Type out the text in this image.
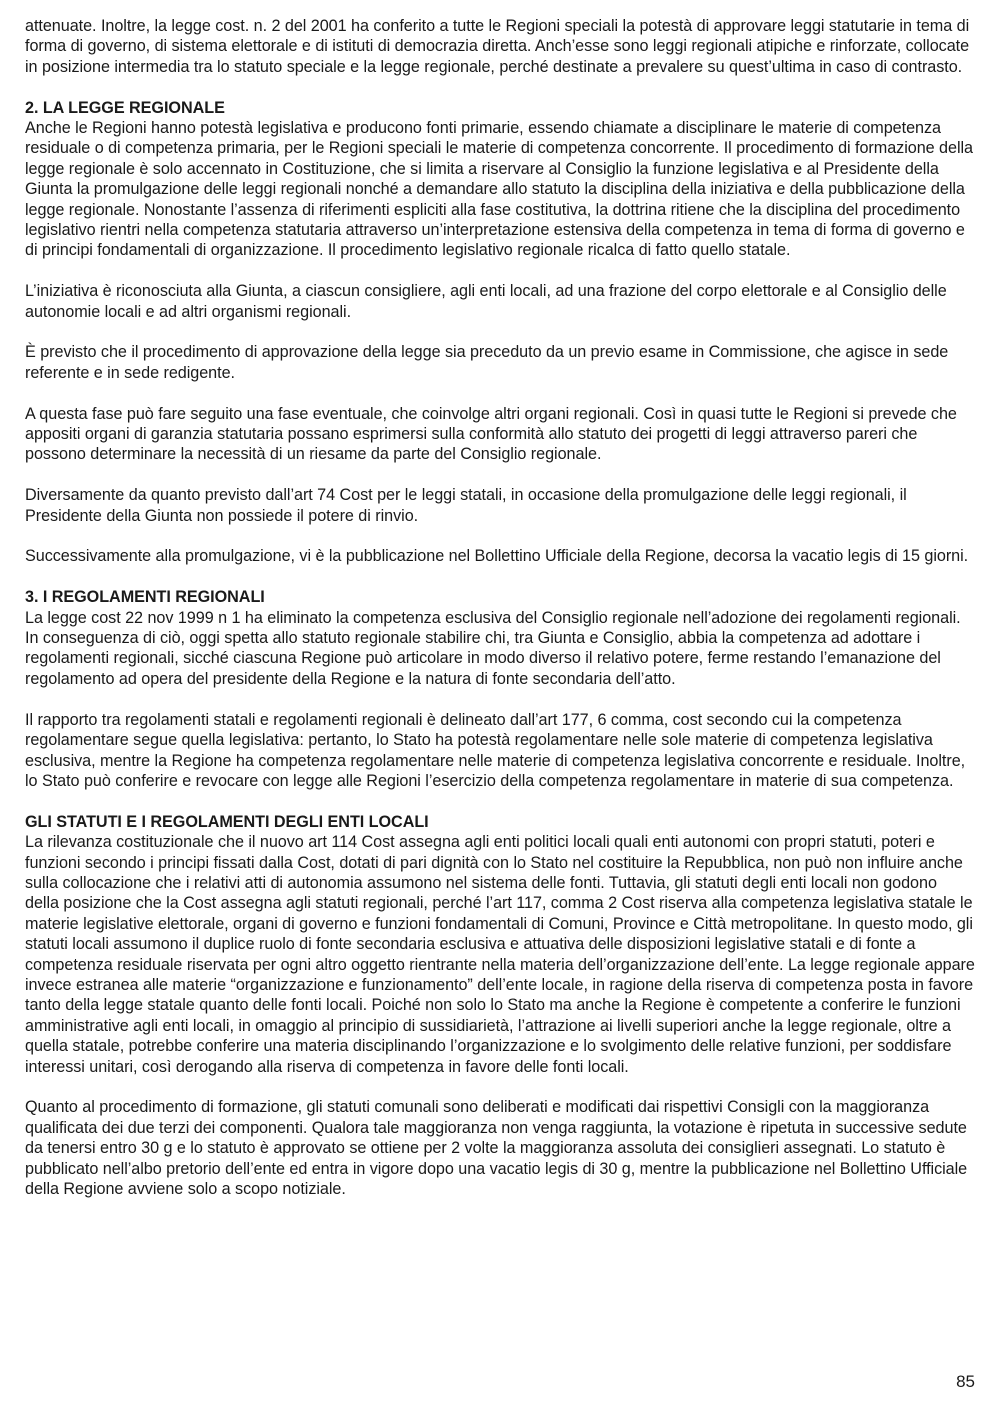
attenuate. Inoltre, la legge cost. n. 2 del 2001 ha conferito a tutte le Regioni speciali la potestà di approvare leggi statutarie in tema di forma di governo, di sistema elettorale e di istituti di democrazia diretta. Anch’esse sono leggi regionali atipiche e rinforzate, collocate in posizione intermedia tra lo statuto speciale e la legge regionale, perché destinate a prevalere su quest’ultima in caso di contrasto.

2. LA LEGGE REGIONALE

Anche le Regioni hanno potestà legislativa e producono fonti primarie, essendo chiamate a disciplinare le materie di competenza residuale o di competenza primaria, per le Regioni speciali le materie di competenza concorrente. Il procedimento di formazione della legge regionale è solo accennato in Costituzione, che si limita a riservare al Consiglio la funzione legislativa e al Presidente della Giunta la promulgazione delle leggi regionali nonché a demandare allo statuto la disciplina della iniziativa e della pubblicazione della legge regionale. Nonostante l’assenza di riferimenti espliciti alla fase costitutiva, la dottrina ritiene che la disciplina del procedimento legislativo rientri nella competenza statutaria attraverso un’interpretazione estensiva della competenza in tema di forma di governo e di principi fondamentali di organizzazione. Il procedimento legislativo regionale ricalca di fatto quello statale.

L’iniziativa è riconosciuta alla Giunta, a ciascun consigliere, agli enti locali, ad una frazione del corpo elettorale e al Consiglio delle autonomie locali e ad altri organismi regionali.

È previsto che il procedimento di approvazione della legge sia preceduto da un previo esame in Commissione, che agisce in sede referente e in sede redigente.

A questa fase può fare seguito una fase eventuale, che coinvolge altri organi regionali. Così in quasi tutte le Regioni si prevede che appositi organi di garanzia statutaria possano esprimersi sulla conformità allo statuto dei progetti di leggi attraverso pareri che possono determinare la necessità di un riesame da parte del Consiglio regionale.

Diversamente da quanto previsto dall’art 74 Cost per le leggi statali, in occasione della promulgazione delle leggi regionali, il Presidente della Giunta non possiede il potere di rinvio.

Successivamente alla promulgazione, vi è la pubblicazione nel Bollettino Ufficiale della Regione, decorsa la vacatio legis di 15 giorni.

3. I REGOLAMENTI REGIONALI

La legge cost 22 nov 1999 n 1 ha eliminato la competenza esclusiva del Consiglio regionale nell’adozione dei regolamenti regionali. In conseguenza di ciò, oggi spetta allo statuto regionale stabilire chi, tra Giunta e Consiglio, abbia la competenza ad adottare i regolamenti regionali, sicché ciascuna Regione può articolare in modo diverso il relativo potere, ferme restando l’emanazione del regolamento ad opera del presidente della Regione e la natura di fonte secondaria dell’atto.

Il rapporto tra regolamenti statali e regolamenti regionali è delineato dall’art 177, 6 comma, cost secondo cui la competenza regolamentare segue quella legislativa: pertanto, lo Stato ha potestà regolamentare nelle sole materie di competenza legislativa esclusiva, mentre la Regione ha competenza regolamentare nelle materie di competenza legislativa concorrente e residuale. Inoltre, lo Stato può conferire e revocare con legge alle Regioni l’esercizio della competenza regolamentare in materie di sua competenza.

GLI STATUTI E I REGOLAMENTI DEGLI ENTI LOCALI

La rilevanza costituzionale che il nuovo art 114 Cost assegna agli enti politici locali quali enti autonomi con propri statuti, poteri e funzioni secondo i principi fissati dalla Cost, dotati di pari dignità con lo Stato nel costituire la Repubblica, non può non influire anche sulla collocazione che i relativi atti di autonomia assumono nel sistema delle fonti. Tuttavia, gli statuti degli enti locali non godono della posizione che la Cost assegna agli statuti regionali, perché l’art 117, comma 2 Cost riserva alla competenza legislativa statale le materie legislative elettorale, organi di governo e funzioni fondamentali di Comuni, Province e Città metropolitane. In questo modo, gli statuti locali assumono il duplice ruolo di fonte secondaria esclusiva e attuativa delle disposizioni legislative statali e di fonte a competenza residuale riservata per ogni altro oggetto rientrante nella materia dell’organizzazione dell’ente. La legge regionale appare invece estranea alle materie “organizzazione e funzionamento” dell’ente locale, in ragione della riserva di competenza posta in favore tanto della legge statale quanto delle fonti locali. Poiché non solo lo Stato ma anche la Regione è competente a conferire le funzioni amministrative agli enti locali, in omaggio al principio di sussidiarietà, l’attrazione ai livelli superiori anche la legge regionale, oltre a quella statale, potrebbe conferire una materia disciplinando l’organizzazione e lo svolgimento delle relative funzioni, per soddisfare interessi unitari, così derogando alla riserva di competenza in favore delle fonti locali.

Quanto al procedimento di formazione, gli statuti comunali sono deliberati e modificati dai rispettivi Consigli con la maggioranza qualificata dei due terzi dei componenti. Qualora tale maggioranza non venga raggiunta, la votazione è ripetuta in successive sedute da tenersi entro 30 g e lo statuto è approvato se ottiene per 2 volte la maggioranza assoluta dei consiglieri assegnati. Lo statuto è pubblicato nell’albo pretorio dell’ente ed entra in vigore dopo una vacatio legis di 30 g, mentre la pubblicazione nel Bollettino Ufficiale della Regione avviene solo a scopo notiziale.

85
